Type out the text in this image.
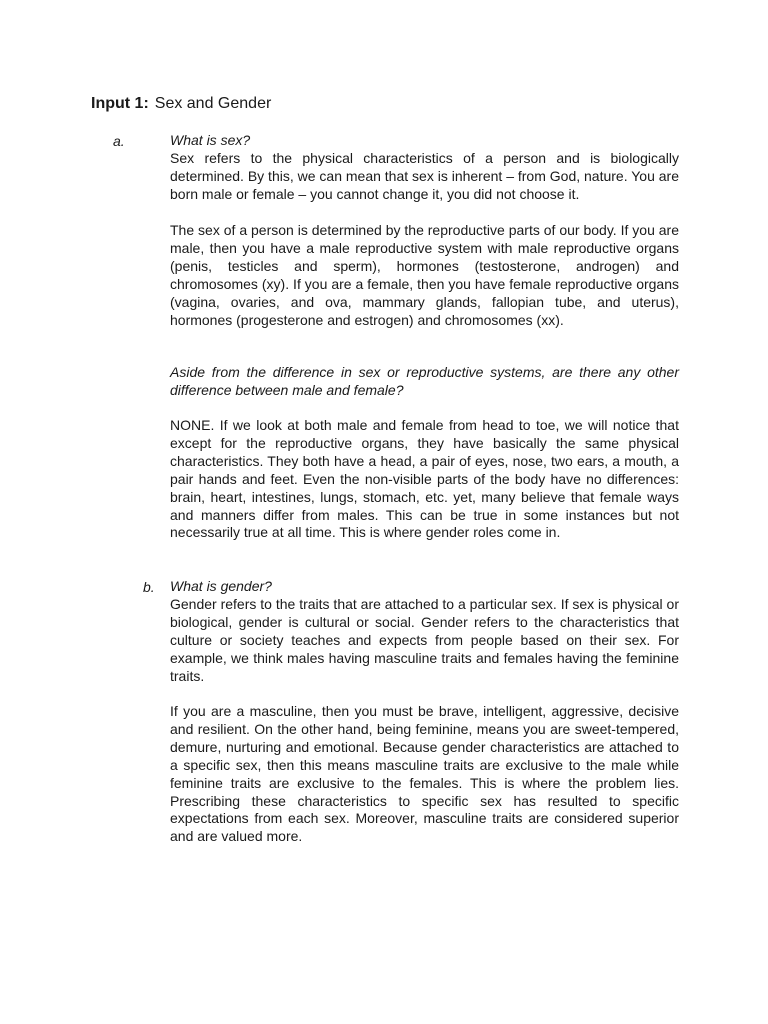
Input 1: Sex and Gender
a.	What is sex?

Sex refers to the physical characteristics of a person and is biologically determined. By this, we can mean that sex is inherent – from God, nature. You are born male or female – you cannot change it, you did not choose it.

The sex of a person is determined by the reproductive parts of our body. If you are male, then you have a male reproductive system with male reproductive organs (penis, testicles and sperm), hormones (testosterone, androgen) and chromosomes (xy). If you are a female, then you have female reproductive organs (vagina, ovaries, and ova, mammary glands, fallopian tube, and uterus), hormones (progesterone and estrogen) and chromosomes (xx).

Aside from the difference in sex or reproductive systems, are there any other difference between male and female?

NONE. If we look at both male and female from head to toe, we will notice that except for the reproductive organs, they have basically the same physical characteristics. They both have a head, a pair of eyes, nose, two ears, a mouth, a pair hands and feet. Even the non-visible parts of the body have no differences: brain, heart, intestines, lungs, stomach, etc. yet, many believe that female ways and manners differ from males. This can be true in some instances but not necessarily true at all time. This is where gender roles come in.

b. What is gender?

Gender refers to the traits that are attached to a particular sex. If sex is physical or biological, gender is cultural or social. Gender refers to the characteristics that culture or society teaches and expects from people based on their sex. For example, we think males having masculine traits and females having the feminine traits.

If you are a masculine, then you must be brave, intelligent, aggressive, decisive and resilient. On the other hand, being feminine, means you are sweet-tempered, demure, nurturing and emotional. Because gender characteristics are attached to a specific sex, then this means masculine traits are exclusive to the male while feminine traits are exclusive to the females. This is where the problem lies. Prescribing these characteristics to specific sex has resulted to specific expectations from each sex. Moreover, masculine traits are considered superior and are valued more.
